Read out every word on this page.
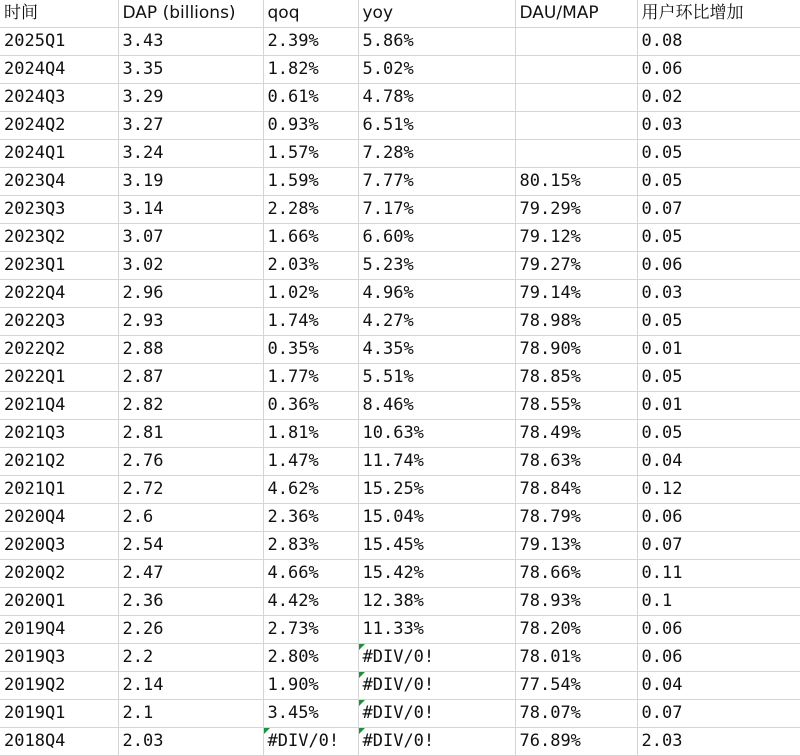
时间	DAP (billions)	qoq	yoy	DAU/MAP	用户环比增加
2025Q1	3.43	2.39%	5.86%		0.08
2024Q4	3.35	1.82%	5.02%		0.06
2024Q3	3.29	0.61%	4.78%		0.02
2024Q2	3.27	0.93%	6.51%		0.03
2024Q1	3.24	1.57%	7.28%		0.05
2023Q4	3.19	1.59%	7.77%	80.15%	0.05
2023Q3	3.14	2.28%	7.17%	79.29%	0.07
2023Q2	3.07	1.66%	6.60%	79.12%	0.05
2023Q1	3.02	2.03%	5.23%	79.27%	0.06
2022Q4	2.96	1.02%	4.96%	79.14%	0.03
2022Q3	2.93	1.74%	4.27%	78.98%	0.05
2022Q2	2.88	0.35%	4.35%	78.90%	0.01
2022Q1	2.87	1.77%	5.51%	78.85%	0.05
2021Q4	2.82	0.36%	8.46%	78.55%	0.01
2021Q3	2.81	1.81%	10.63%	78.49%	0.05
2021Q2	2.76	1.47%	11.74%	78.63%	0.04
2021Q1	2.72	4.62%	15.25%	78.84%	0.12
2020Q4	2.6	2.36%	15.04%	78.79%	0.06
2020Q3	2.54	2.83%	15.45%	79.13%	0.07
2020Q2	2.47	4.66%	15.42%	78.66%	0.11
2020Q1	2.36	4.42%	12.38%	78.93%	0.1
2019Q4	2.26	2.73%	11.33%	78.20%	0.06
2019Q3	2.2	2.80%	#DIV/0!	78.01%	0.06
2019Q2	2.14	1.90%	#DIV/0!	77.54%	0.04
2019Q1	2.1	3.45%	#DIV/0!	78.07%	0.07
2018Q4	2.03	#DIV/0!	#DIV/0!	76.89%	2.03
